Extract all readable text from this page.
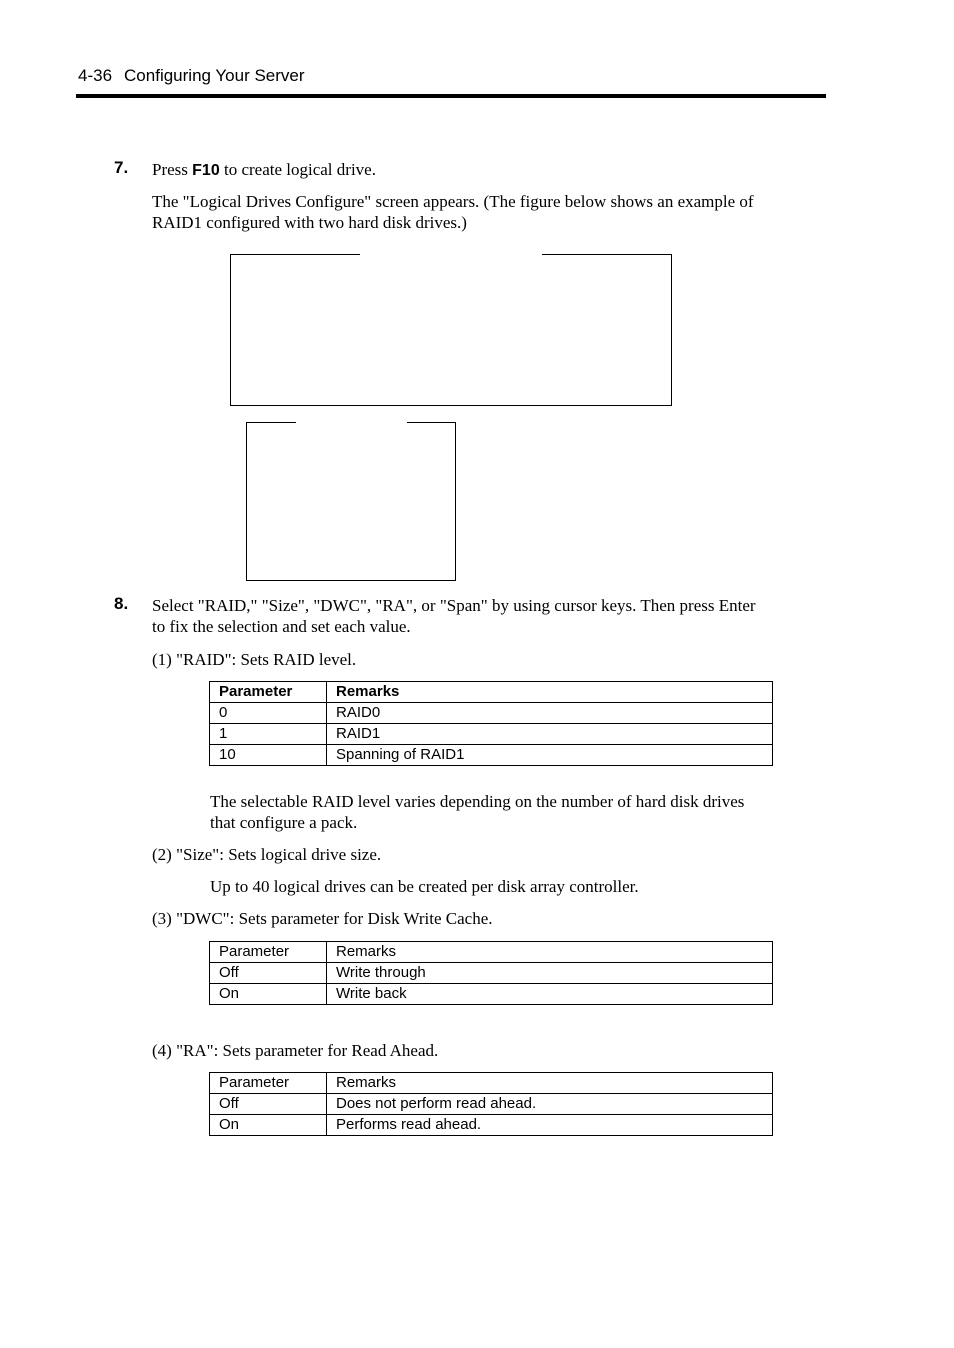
4-36 Configuring Your Server
7. Press F10 to create logical drive.
The "Logical Drives Configure" screen appears. (The figure below shows an example of
RAID1 configured with two hard disk drives.)
8. Select "RAID," "Size", "DWC", "RA", or "Span" by using cursor keys. Then press Enter
to fix the selection and set each value.
(1) "RAID": Sets RAID level.
Parameter	Remarks
0	RAID0
1	RAID1
10	Spanning of RAID1
The selectable RAID level varies depending on the number of hard disk drives
that configure a pack.
(2) "Size": Sets logical drive size.
Up to 40 logical drives can be created per disk array controller.
(3) "DWC": Sets parameter for Disk Write Cache.
Parameter	Remarks
Off	Write through
On	Write back
(4) "RA": Sets parameter for Read Ahead.
Parameter	Remarks
Off	Does not perform read ahead.
On	Performs read ahead.
